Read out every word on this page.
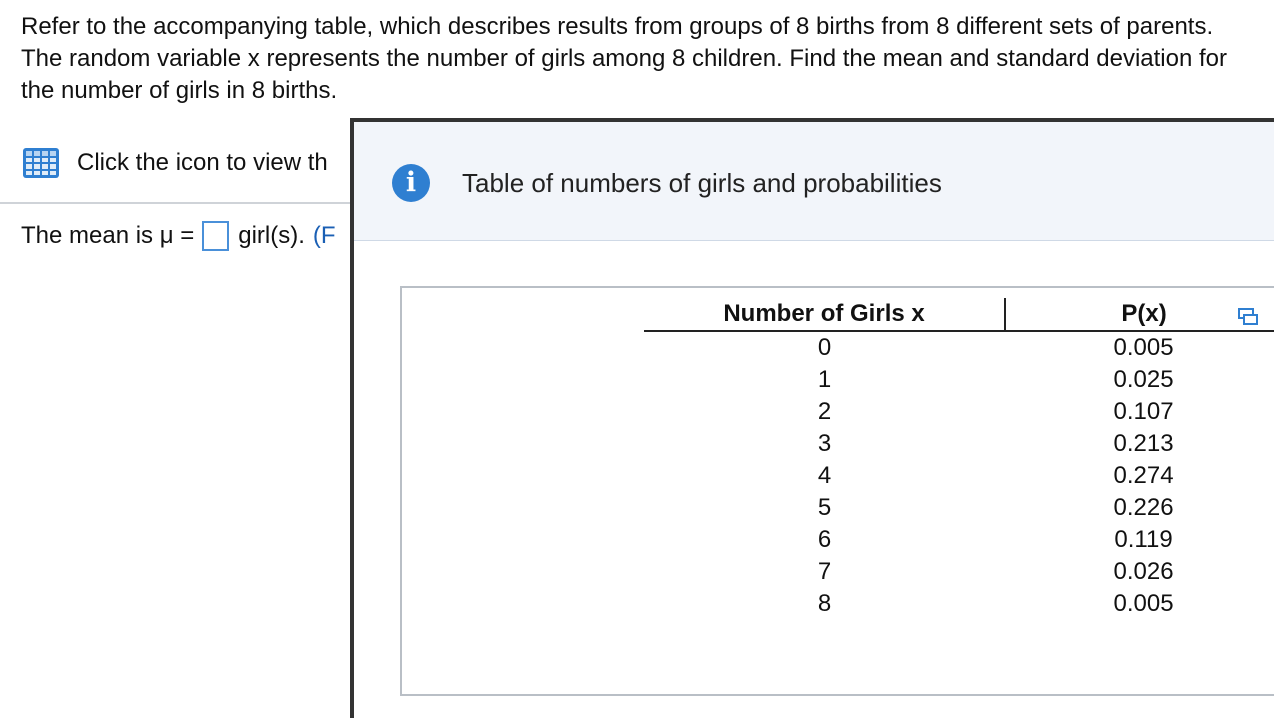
Refer to the accompanying table, which describes results from groups of 8 births from 8 different sets of parents. The random variable x represents the number of girls among 8 children. Find the mean and standard deviation for the number of girls in 8 births.

Click the icon to view th
The mean is μ = girl(s). (F
i	Table of numbers of girls and probabilities
Number of Girls x	P(x)
0	0.005
1	0.025
2	0.107
3	0.213
4	0.274
5	0.226
6	0.119
7	0.026
8	0.005
